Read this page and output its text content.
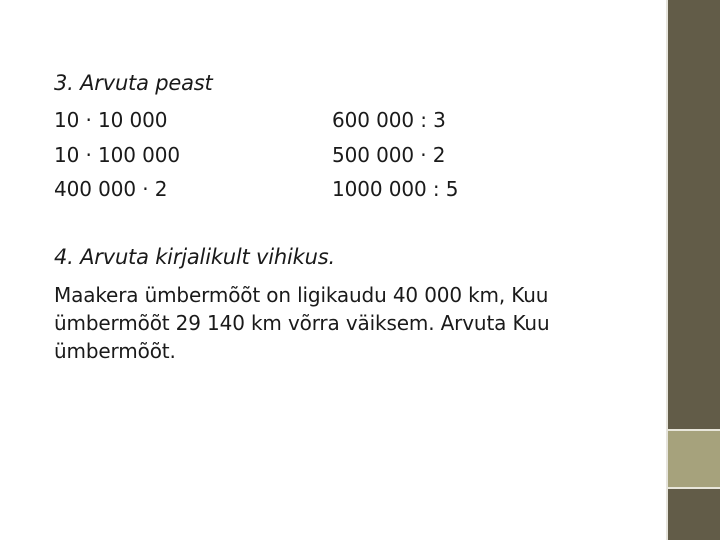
3. Arvuta peast
10 · 10 000
10 · 100 000
400 000 · 2
600 000 : 3
500 000 · 2
1000 000 : 5
4. Arvuta kirjalikult vihikus.

Maakera ümbermõõt on ligikaudu 40 000 km, Kuu ümbermõõt 29 140 km võrra väiksem. Arvuta Kuu ümbermõõt.
